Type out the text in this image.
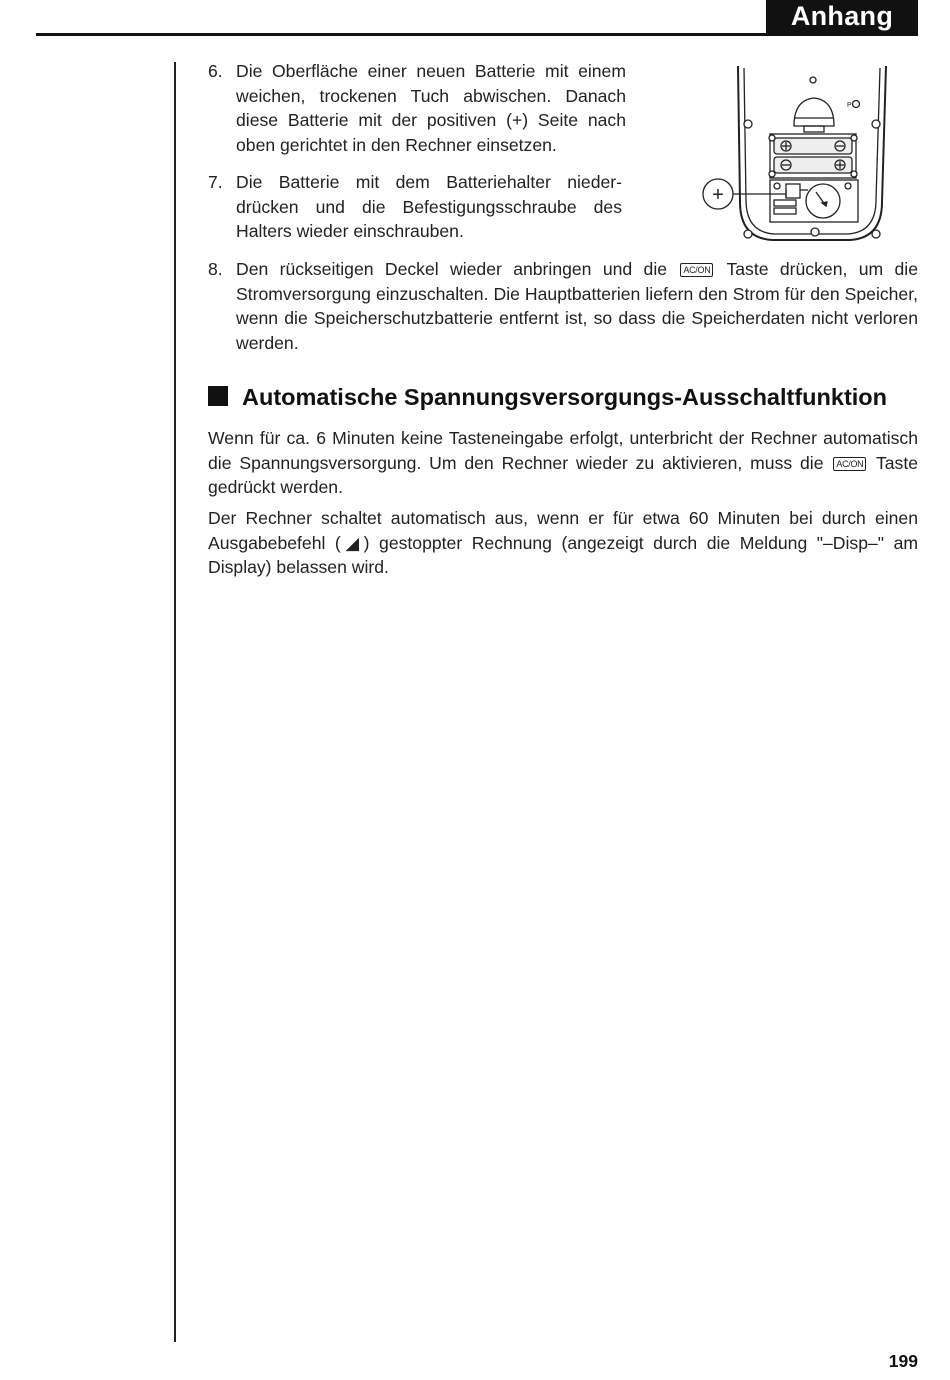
Anhang
6. Die Oberfläche einer neuen Batterie mit einem weichen, trockenen Tuch abwischen. Danach diese Batterie mit der positiven (+) Seite nach oben gerichtet in den Rechner einsetzen.
7. Die Batterie mit dem Batteriehalter nieder- drücken und die Befestigungsschraube des Halters wieder einschrauben.
8. Den rückseitigen Deckel wieder anbringen und die AC/ON Taste drücken, um die Stromversorgung einzuschalten. Die Hauptbatterien liefern den Strom für den Speicher, wenn die Speicherschutzbatterie entfernt ist, so dass die Speicherdaten nicht verloren werden.
+
P
Automatische Spannungsversorgungs-Ausschaltfunktion
Wenn für ca. 6 Minuten keine Tasteneingabe erfolgt, unterbricht der Rechner automatisch die Spannungsversorgung. Um den Rechner wieder zu aktivieren, muss die AC/ON Taste gedrückt werden.
Der Rechner schaltet automatisch aus, wenn er für etwa 60 Minuten bei durch einen Ausgabebefehl (◢) gestoppter Rechnung (angezeigt durch die Meldung "–Disp–" am Display) belassen wird.
199
